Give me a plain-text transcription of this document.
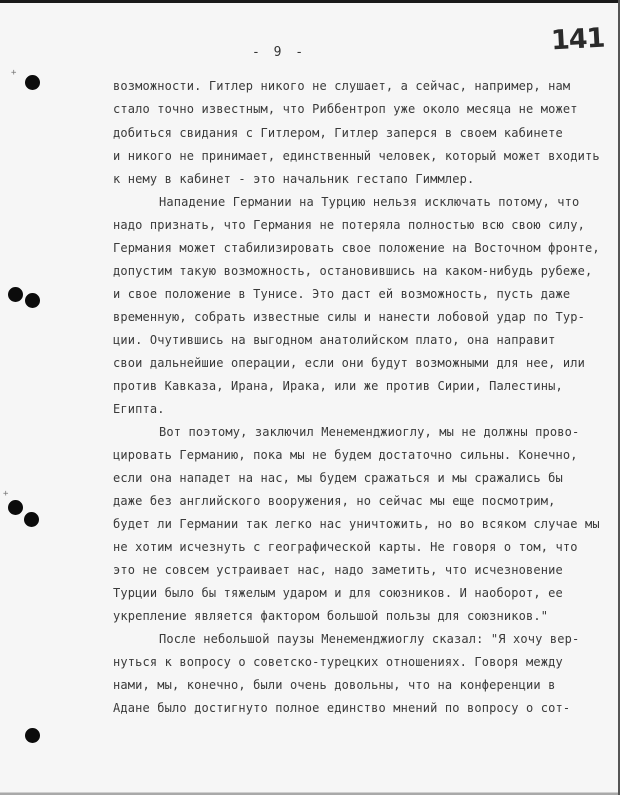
- 9 -	141
+
+
возможности. Гитлер никого не слушает, а сейчас, например, нам
стало точно известным, что Риббентроп уже около месяца не может
добиться свидания с Гитлером, Гитлер заперся в своем кабинете
и никого не принимает, единственный человек, который может входить
к нему в кабинет - это начальник гестапо Гиммлер.
Нападение Германии на Турцию нельзя исключать потому, что
надо признать, что Германия не потеряла полностью всю свою силу,
Германия может стабилизировать свое положение на Восточном фронте,
допустим такую возможность, остановившись на каком-нибудь рубеже,
и свое положение в Тунисе. Это даст ей возможность, пусть даже
временную, собрать известные силы и нанести лобовой удар по Тур-
ции. Очутившись на выгодном анатолийском плато, она направит
свои дальнейшие операции, если они будут возможными для нее, или
против Кавказа, Ирана, Ирака, или же против Сирии, Палестины,
Египта.
Вот поэтому, заключил Менеменджиоглу, мы не должны прово-
цировать Германию, пока мы не будем достаточно сильны. Конечно,
если она нападет на нас, мы будем сражаться и мы сражались бы
даже без английского вооружения, но сейчас мы еще посмотрим,
будет ли Германии так легко нас уничтожить, но во всяком случае мы
не хотим исчезнуть с географической карты. Не говоря о том, что
это не совсем устраивает нас, надо заметить, что исчезновение
Турции было бы тяжелым ударом и для союзников. И наоборот, ее
укрепление является фактором большой пользы для союзников."
После небольшой паузы Менеменджиоглу сказал: "Я хочу вер-
нуться к вопросу о советско-турецких отношениях. Говоря между
нами, мы, конечно, были очень довольны, что на конференции в
Адане было достигнуто полное единство мнений по вопросу о сот-
